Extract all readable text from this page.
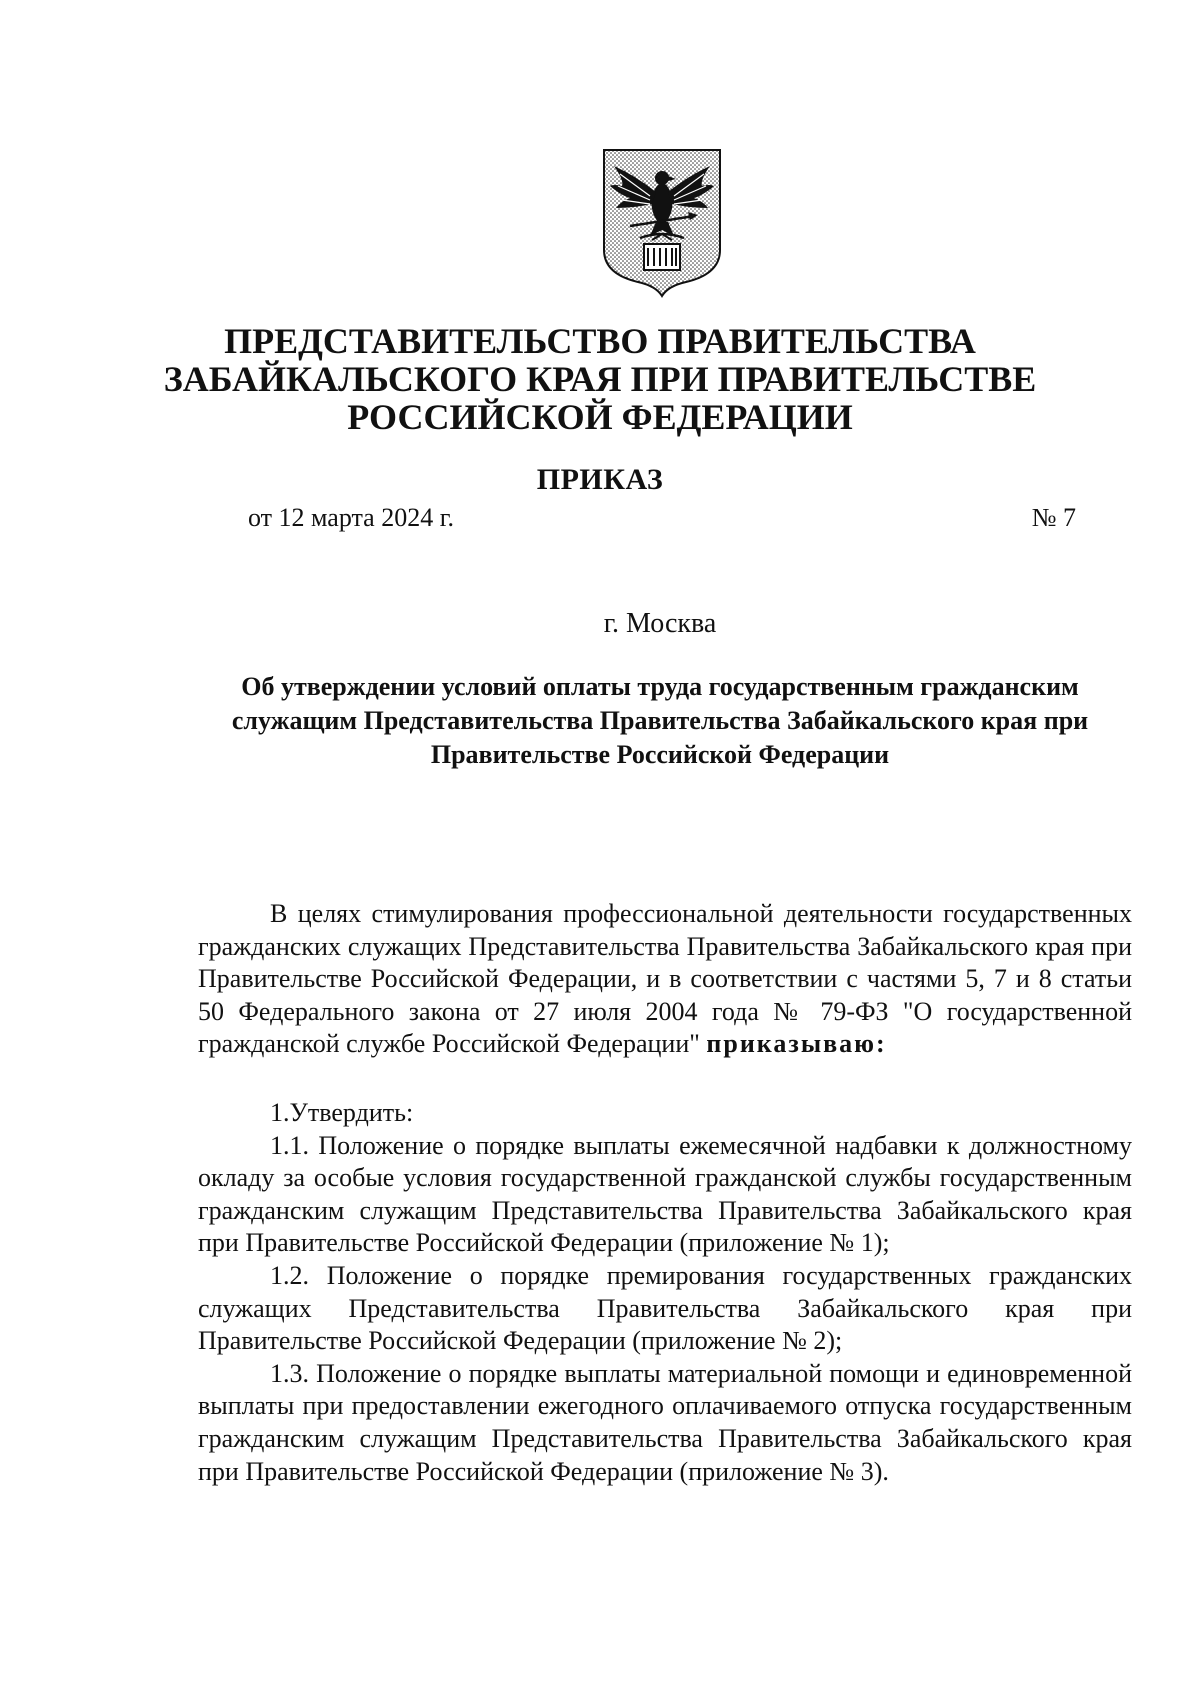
ПРЕДСТАВИТЕЛЬСТВО ПРАВИТЕЛЬСТВА
ЗАБАЙКАЛЬСКОГО КРАЯ ПРИ ПРАВИТЕЛЬСТВЕ
РОССИЙСКОЙ ФЕДЕРАЦИИ
ПРИКАЗ
от 12 марта 2024 г.	№ 7
г. Москва
Об утверждении условий оплаты труда государственным гражданским
служащим Представительства Правительства Забайкальского края при
Правительстве Российской Федерации

В целях стимулирования профессиональной деятельности государственных гражданских служащих Представительства Правительства Забайкальского края при Правительстве Российской Федерации, и в соответствии с частями 5, 7 и 8 статьи 50 Федерального закона от 27 июля 2004 года № 79-ФЗ "О государственной гражданской службе Российской Федерации" приказываю:

1.Утвердить:

1.1. Положение о порядке выплаты ежемесячной надбавки к должностному окладу за особые условия государственной гражданской службы государственным гражданским служащим Представительства Правительства Забайкальского края при Правительстве Российской Федерации (приложение № 1);

1.2. Положение о порядке премирования государственных гражданских служащих Представительства Правительства Забайкальского края при Правительстве Российской Федерации (приложение № 2);

1.3. Положение о порядке выплаты материальной помощи и единовременной выплаты при предоставлении ежегодного оплачиваемого отпуска государственным гражданским служащим Представительства Правительства Забайкальского края при Правительстве Российской Федерации (приложение № 3).
